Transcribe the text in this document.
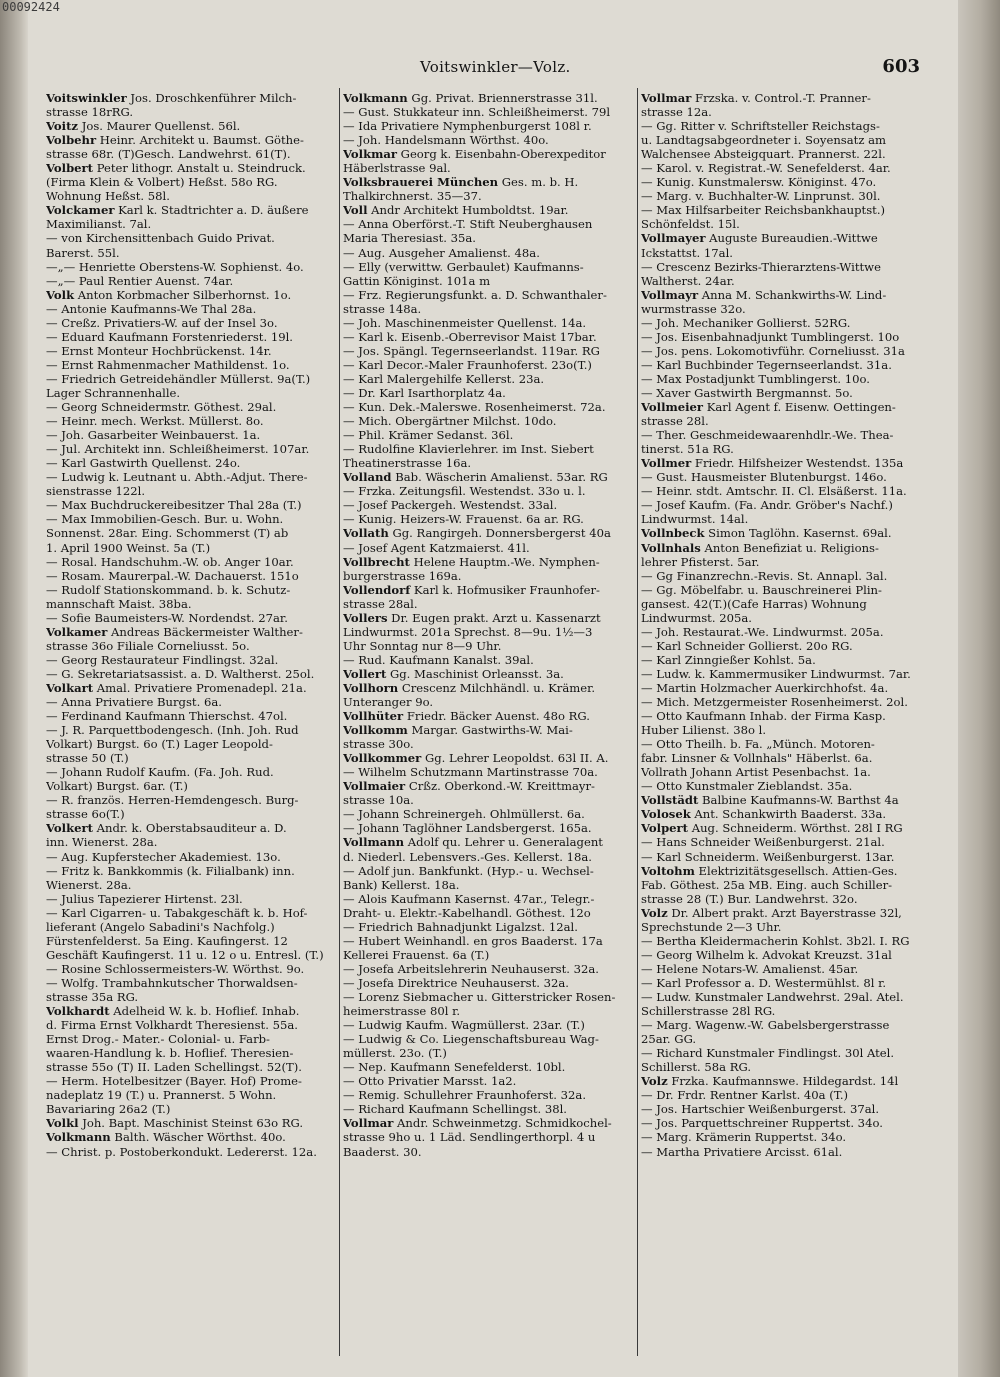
00092424
Voitswinkler—Volz.	603
Voitswinkler Jos. Droschkenführer Milch-
strasse 18rRG.
Voitz Jos. Maurer Quellenst. 56l.
Volbehr Heinr. Architekt u. Baumst. Göthe-
strasse 68r. (T)Gesch. Landwehrst. 61(T).
Volbert Peter lithogr. Anstalt u. Steindruck.
(Firma Klein & Volbert) Heßst. 58o RG.
Wohnung Heßst. 58l.
Volckamer Karl k. Stadtrichter a. D. äußere
Maximilianst. 7al.
— von Kirchensittenbach Guido Privat.
Barerst. 55l.
—„— Henriette Oberstens-W. Sophienst. 4o.
—„— Paul Rentier Auenst. 74ar.
Volk Anton Korbmacher Silberhornst. 1o.
— Antonie Kaufmanns-We Thal 28a.
— Creßz. Privatiers-W. auf der Insel 3o.
— Eduard Kaufmann Forstenriederst. 19l.
— Ernst Monteur Hochbrückenst. 14r.
— Ernst Rahmenmacher Mathildenst. 1o.
— Friedrich Getreidehändler Müllerst. 9a(T.)
Lager Schrannenhalle.
— Georg Schneidermstr. Göthest. 29al.
— Heinr. mech. Werkst. Müllerst. 8o.
— Joh. Gasarbeiter Weinbauerst. 1a.
— Jul. Architekt inn. Schleißheimerst. 107ar.
— Karl Gastwirth Quellenst. 24o.
— Ludwig k. Leutnant u. Abth.-Adjut. There-
sienstrasse 122l.
— Max Buchdruckereibesitzer Thal 28a (T.)
— Max Immobilien-Gesch. Bur. u. Wohn.
Sonnenst. 28ar. Eing. Schommerst (T) ab
1. April 1900 Weinst. 5a (T.)
— Rosal. Handschuhm.-W. ob. Anger 10ar.
— Rosam. Maurerpal.-W. Dachauerst. 151o
— Rudolf Stationskommand. b. k. Schutz-
mannschaft Maist. 38ba.
— Sofie Baumeisters-W. Nordendst. 27ar.
Volkamer Andreas Bäckermeister Walther-
strasse 36o Filiale Corneliusst. 5o.
— Georg Restaurateur Findlingst. 32al.
— G. Sekretariatsassist. a. D. Waltherst. 25ol.
Volkart Amal. Privatiere Promenadepl. 21a.
— Anna Privatiere Burgst. 6a.
— Ferdinand Kaufmann Thierschst. 47ol.
— J. R. Parquettbodengesch. (Inh. Joh. Rud
Volkart) Burgst. 6o (T.) Lager Leopold-
strasse 50 (T.)
— Johann Rudolf Kaufm. (Fa. Joh. Rud.
Volkart) Burgst. 6ar. (T.)
— R. französ. Herren-Hemdengesch. Burg-
strasse 6o(T.)
Volkert Andr. k. Oberstabsauditeur a. D.
inn. Wienerst. 28a.
— Aug. Kupferstecher Akademiest. 13o.
— Fritz k. Bankkommis (k. Filialbank) inn.
Wienerst. 28a.
— Julius Tapezierer Hirtenst. 23l.
— Karl Cigarren- u. Tabakgeschäft k. b. Hof-
lieferant (Angelo Sabadini's Nachfolg.)
Fürstenfelderst. 5a Eing. Kaufingerst. 12
Geschäft Kaufingerst. 11 u. 12 o u. Entresl. (T.)
— Rosine Schlossermeisters-W. Wörthst. 9o.
— Wolfg. Trambahnkutscher Thorwaldsen-
strasse 35a RG.
Volkhardt Adelheid W. k. b. Hoflief. Inhab.
d. Firma Ernst Volkhardt Theresienst. 55a.
Ernst Drog.- Mater.- Colonial- u. Farb-
waaren-Handlung k. b. Hoflief. Theresien-
strasse 55o (T) II. Laden Schellingst. 52(T).
— Herm. Hotelbesitzer (Bayer. Hof) Prome-
nadeplatz 19 (T.) u. Prannerst. 5 Wohn.
Bavariaring 26a2 (T.)
Volkl Joh. Bapt. Maschinist Steinst 63o RG.
Volkmann Balth. Wäscher Wörthst. 40o.
— Christ. p. Postoberkondukt. Ledererst. 12a.
Volkmann Gg. Privat. Briennerstrasse 31l.
— Gust. Stukkateur inn. Schleißheimerst. 79l
— Ida Privatiere Nymphenburgerst 108l r.
— Joh. Handelsmann Wörthst. 40o.
Volkmar Georg k. Eisenbahn-Oberexpeditor
Häberlstrasse 9al.
Volksbrauerei München Ges. m. b. H.
Thalkirchnerst. 35—37.
Voll Andr Architekt Humboldtst. 19ar.
— Anna Oberförst.-T. Stift Neuberghausen
Maria Theresiast. 35a.
— Aug. Ausgeher Amalienst. 48a.
— Elly (verwittw. Gerbaulet) Kaufmanns-
Gattin Königinst. 101a m
— Frz. Regierungsfunkt. a. D. Schwanthaler-
strasse 148a.
— Joh. Maschinenmeister Quellenst. 14a.
— Karl k. Eisenb.-Oberrevisor Maist 17bar.
— Jos. Spängl. Tegernseerlandst. 119ar. RG
— Karl Decor.-Maler Fraunhoferst. 23o(T.)
— Karl Malergehilfe Kellerst. 23a.
— Dr. Karl Isarthorplatz 4a.
— Kun. Dek.-Malerswe. Rosenheimerst. 72a.
— Mich. Obergärtner Milchst. 10do.
— Phil. Krämer Sedanst. 36l.
— Rudolfine Klavierlehrer. im Inst. Siebert
Theatinerstrasse 16a.
Volland Bab. Wäscherin Amalienst. 53ar. RG
— Frzka. Zeitungsfil. Westendst. 33o u. l.
— Josef Packergeh. Westendst. 33al.
— Kunig. Heizers-W. Frauenst. 6a ar. RG.
Vollath Gg. Rangirgeh. Donnersbergerst 40a
— Josef Agent Katzmaierst. 41l.
Vollbrecht Helene Hauptm.-We. Nymphen-
burgerstrasse 169a.
Vollendorf Karl k. Hofmusiker Fraunhofer-
strasse 28al.
Vollers Dr. Eugen prakt. Arzt u. Kassenarzt
Lindwurmst. 201a Sprechst. 8—9u. 1½—3
Uhr Sonntag nur 8—9 Uhr.
— Rud. Kaufmann Kanalst. 39al.
Vollert Gg. Maschinist Orleansst. 3a.
Vollhorn Crescenz Milchhändl. u. Krämer.
Unteranger 9o.
Vollhüter Friedr. Bäcker Auenst. 48o RG.
Vollkomm Margar. Gastwirths-W. Mai-
strasse 30o.
Vollkommer Gg. Lehrer Leopoldst. 63l II. A.
— Wilhelm Schutzmann Martinstrasse 70a.
Vollmaier Crßz. Oberkond.-W. Kreittmayr-
strasse 10a.
— Johann Schreinergeh. Ohlmüllerst. 6a.
— Johann Taglöhner Landsbergerst. 165a.
Vollmann Adolf qu. Lehrer u. Generalagent
d. Niederl. Lebensvers.-Ges. Kellerst. 18a.
— Adolf jun. Bankfunkt. (Hyp.- u. Wechsel-
Bank) Kellerst. 18a.
— Alois Kaufmann Kasernst. 47ar., Telegr.-
Draht- u. Elektr.-Kabelhandl. Göthest. 12o
— Friedrich Bahnadjunkt Ligalzst. 12al.
— Hubert Weinhandl. en gros Baaderst. 17a
Kellerei Frauenst. 6a (T.)
— Josefa Arbeitslehrerin Neuhauserst. 32a.
— Josefa Direktrice Neuhauserst. 32a.
— Lorenz Siebmacher u. Gitterstricker Rosen-
heimerstrasse 80l r.
— Ludwig Kaufm. Wagmüllerst. 23ar. (T.)
— Ludwig & Co. Liegenschaftsbureau Wag-
müllerst. 23o. (T.)
— Nep. Kaufmann Senefelderst. 10bl.
— Otto Privatier Marsst. 1a2.
— Remig. Schullehrer Fraunhoferst. 32a.
— Richard Kaufmann Schellingst. 38l.
Vollmar Andr. Schweinmetzg. Schmidkochel-
strasse 9ho u. 1 Läd. Sendlingerthorpl. 4 u
Baaderst. 30.
Vollmar Frzska. v. Control.-T. Pranner-
strasse 12a.
— Gg. Ritter v. Schriftsteller Reichstags-
u. Landtagsabgeordneter i. Soyensatz am
Walchensee Absteigquart. Prannerst. 22l.
— Karol. v. Registrat.-W. Senefelderst. 4ar.
— Kunig. Kunstmalersw. Königinst. 47o.
— Marg. v. Buchhalter-W. Linprunst. 30l.
— Max Hilfsarbeiter Reichsbankhauptst.)
Schönfeldst. 15l.
Vollmayer Auguste Bureaudien.-Wittwe
Ickstattst. 17al.
— Crescenz Bezirks-Thierarztens-Wittwe
Waltherst. 24ar.
Vollmayr Anna M. Schankwirths-W. Lind-
wurmstrasse 32o.
— Joh. Mechaniker Gollierst. 52RG.
— Jos. Eisenbahnadjunkt Tumblingerst. 10o
— Jos. pens. Lokomotivführ. Corneliusst. 31a
— Karl Buchbinder Tegernseerlandst. 31a.
— Max Postadjunkt Tumblingerst. 10o.
— Xaver Gastwirth Bergmannst. 5o.
Vollmeier Karl Agent f. Eisenw. Oettingen-
strasse 28l.
— Ther. Geschmeidewaarenhdlr.-We. Thea-
tinerst. 51a RG.
Vollmer Friedr. Hilfsheizer Westendst. 135a
— Gust. Hausmeister Blutenburgst. 146o.
— Heinr. stdt. Amtschr. II. Cl. Elsäßerst. 11a.
— Josef Kaufm. (Fa. Andr. Gröber's Nachf.)
Lindwurmst. 14al.
Vollnbeck Simon Taglöhn. Kasernst. 69al.
Vollnhals Anton Benefiziat u. Religions-
lehrer Pfisterst. 5ar.
— Gg Finanzrechn.-Revis. St. Annapl. 3al.
— Gg. Möbelfabr. u. Bauschreinerei Plin-
gansest. 42(T.)(Cafe Harras) Wohnung
Lindwurmst. 205a.
— Joh. Restaurat.-We. Lindwurmst. 205a.
— Karl Schneider Gollierst. 20o RG.
— Karl Zinngießer Kohlst. 5a.
— Ludw. k. Kammermusiker Lindwurmst. 7ar.
— Martin Holzmacher Auerkirchhofst. 4a.
— Mich. Metzgermeister Rosenheimerst. 2ol.
— Otto Kaufmann Inhab. der Firma Kasp.
Huber Lilienst. 38o l.
— Otto Theilh. b. Fa. „Münch. Motoren-
fabr. Linsner & Vollnhals" Häberlst. 6a.
Vollrath Johann Artist Pesenbachst. 1a.
— Otto Kunstmaler Zieblandst. 35a.
Vollstädt Balbine Kaufmanns-W. Barthst 4a
Volosek Ant. Schankwirth Baaderst. 33a.
Volpert Aug. Schneiderm. Wörthst. 28l I RG
— Hans Schneider Weißenburgerst. 21al.
— Karl Schneiderm. Weißenburgerst. 13ar.
Voltohm Elektrizitätsgesellsch. Attien-Ges.
Fab. Göthest. 25a MB. Eing. auch Schiller-
strasse 28 (T.) Bur. Landwehrst. 32o.
Volz Dr. Albert prakt. Arzt Bayerstrasse 32l,
Sprechstunde 2—3 Uhr.
— Bertha Kleidermacherin Kohlst. 3b2l. I. RG
— Georg Wilhelm k. Advokat Kreuzst. 31al
— Helene Notars-W. Amalienst. 45ar.
— Karl Professor a. D. Westermühlst. 8l r.
— Ludw. Kunstmaler Landwehrst. 29al. Atel.
Schillerstrasse 28l RG.
— Marg. Wagenw.-W. Gabelsbergerstrasse
25ar. GG.
— Richard Kunstmaler Findlingst. 30l Atel.
Schillerst. 58a RG.
Volz Frzka. Kaufmannswe. Hildegardst. 14l
— Dr. Frdr. Rentner Karlst. 40a (T.)
— Jos. Hartschier Weißenburgerst. 37al.
— Jos. Parquettschreiner Ruppertst. 34o.
— Marg. Krämerin Ruppertst. 34o.
— Martha Privatiere Arcisst. 61al.
